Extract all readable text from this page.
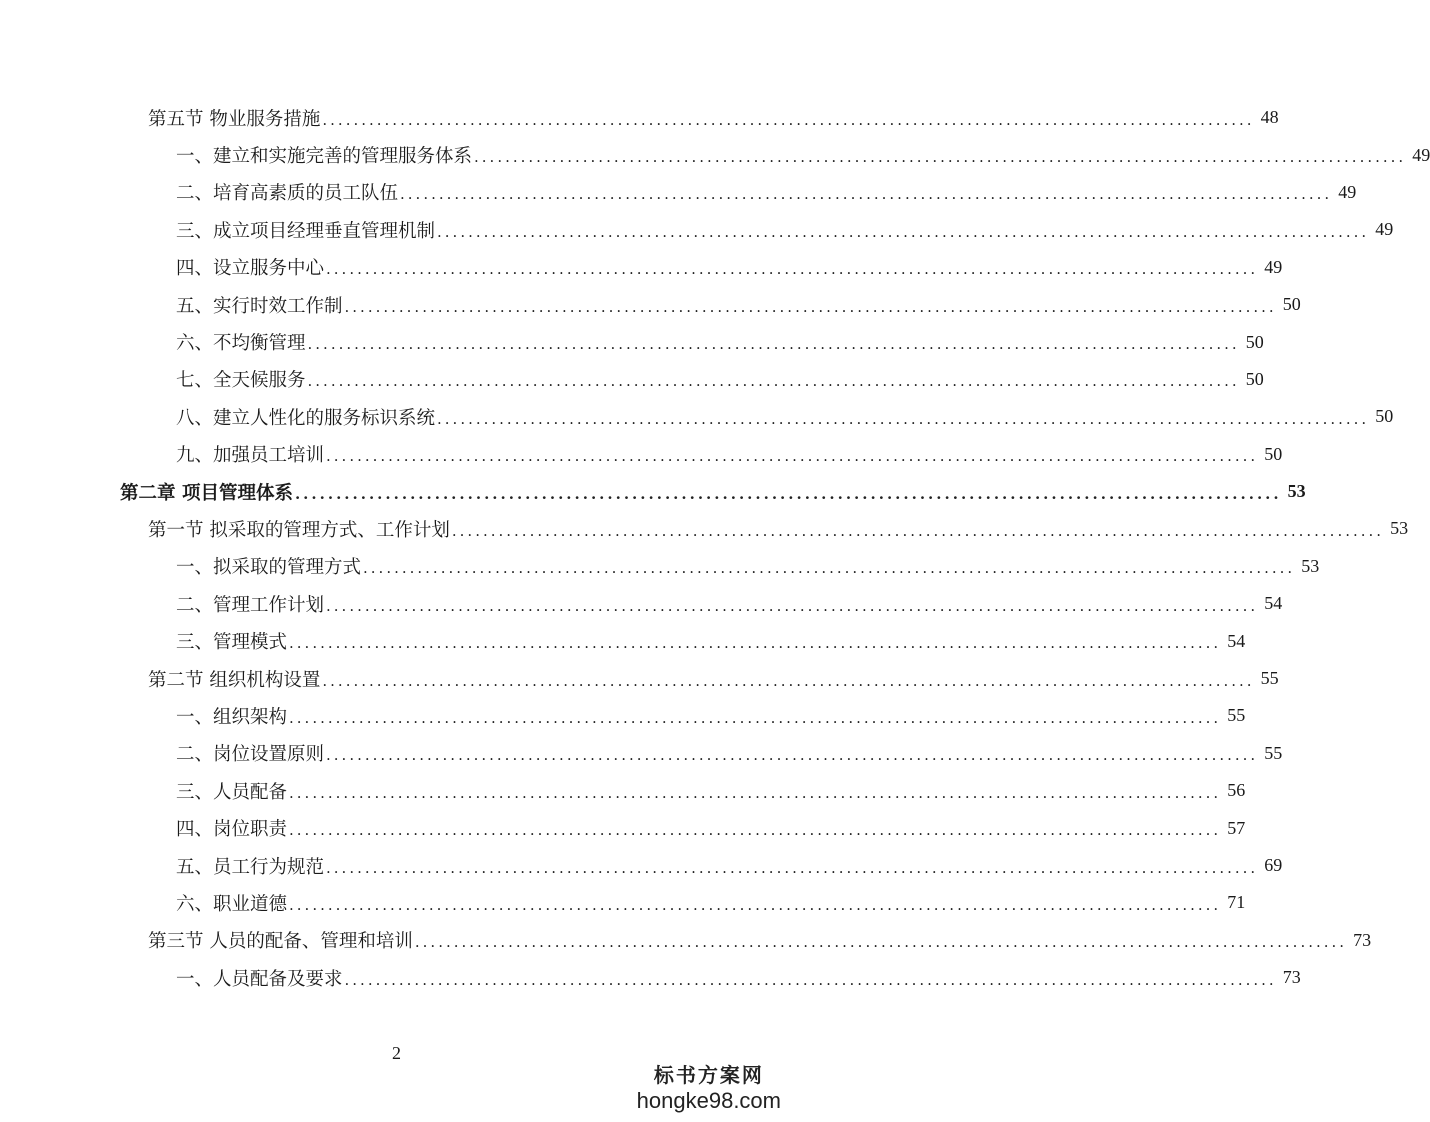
第五节 物业服务措施 ........................................................................................................................ 48
一、建立和实施完善的管理服务体系 ........................................................................................................................ 49
二、培育高素质的员工队伍 ........................................................................................................................ 49
三、成立项目经理垂直管理机制 ........................................................................................................................ 49
四、设立服务中心 ........................................................................................................................ 49
五、实行时效工作制 ........................................................................................................................ 50
六、不均衡管理 ........................................................................................................................ 50
七、全天候服务 ........................................................................................................................ 50
八、建立人性化的服务标识系统 ........................................................................................................................ 50
九、加强员工培训 ........................................................................................................................ 50
第二章 项目管理体系 ........................................................................................................................ 53
第一节 拟采取的管理方式、工作计划 ........................................................................................................................ 53
一、拟采取的管理方式 ........................................................................................................................ 53
二、管理工作计划 ........................................................................................................................ 54
三、管理模式 ........................................................................................................................ 54
第二节 组织机构设置 ........................................................................................................................ 55
一、组织架构 ........................................................................................................................ 55
二、岗位设置原则 ........................................................................................................................ 55
三、人员配备 ........................................................................................................................ 56
四、岗位职责 ........................................................................................................................ 57
五、员工行为规范 ........................................................................................................................ 69
六、职业道德 ........................................................................................................................ 71
第三节 人员的配备、管理和培训 ........................................................................................................................ 73
一、人员配备及要求 ........................................................................................................................ 73
2
标书方案网
hongke98.com
